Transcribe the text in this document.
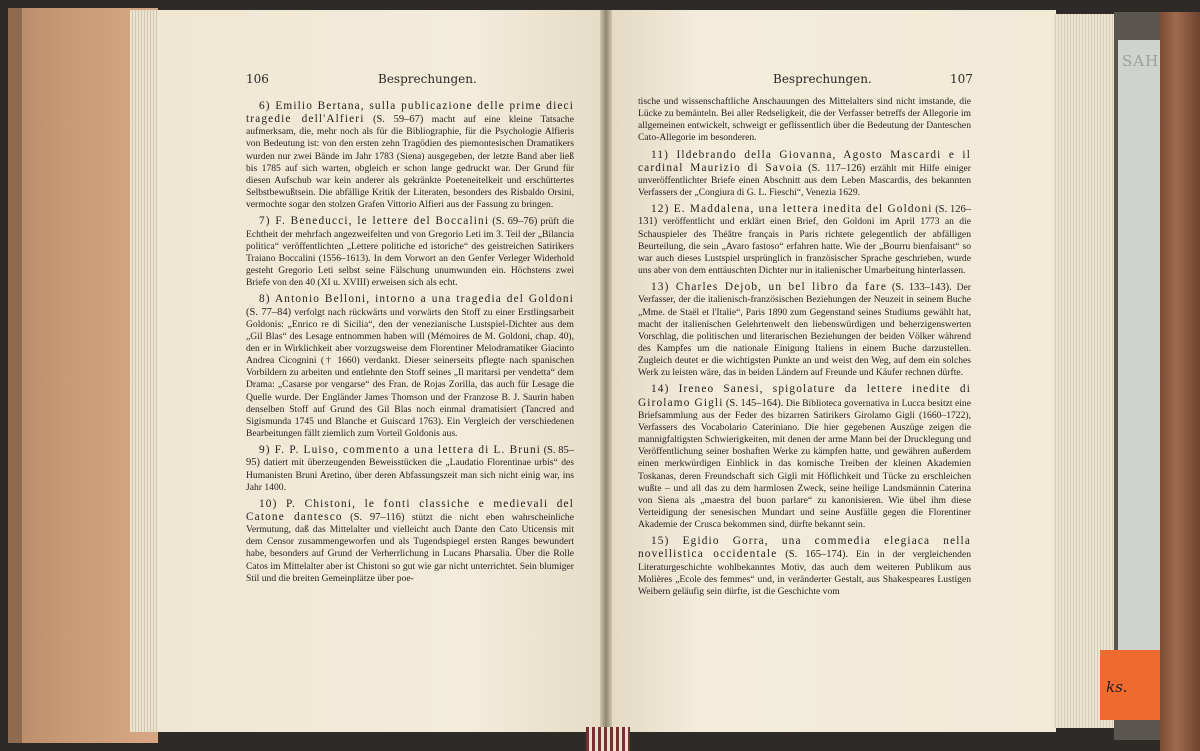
106	Besprechungen.

6) Emilio Bertana, sulla publicazione delle prime dieci tragedie dell'Alfieri (S. 59–67) macht auf eine kleine Tatsache aufmerksam, die, mehr noch als für die Bibliographie, für die Psychologie Alfieris von Bedeutung ist: von den ersten zehn Tragödien des piemontesischen Dramatikers wurden nur zwei Bände im Jahr 1783 (Siena) ausgegeben, der letzte Band aber ließ bis 1785 auf sich warten, obgleich er schon lange gedruckt war. Der Grund für diesen Aufschub war kein anderer als gekränkte Poeteneitelkeit und erschüttertes Selbstbewußtsein. Die abfällige Kritik der Literaten, besonders des Risbaldo Orsini, vermochte sogar den stolzen Grafen Vittorio Alfieri aus der Fassung zu bringen.

7) F. Beneducci, le lettere del Boccalini (S. 69–76) prüft die Echtheit der mehrfach angezweifelten und von Gregorio Leti im 3. Teil der „Bilancia politica“ veröffentlichten „Lettere politiche ed istoriche“ des geistreichen Satirikers Traiano Boccalini (1556–1613). In dem Vorwort an den Genfer Verleger Widerhold gesteht Gregorio Leti selbst seine Fälschung unumwunden ein. Höchstens zwei Briefe von den 40 (XI u. XVIII) erweisen sich als echt.

8) Antonio Belloni, intorno a una tragedia del Goldoni (S. 77–84) verfolgt nach rückwärts und vorwärts den Stoff zu einer Erstlingsarbeit Goldonis: „Enrico re di Sicilia“, den der venezianische Lustspiel-Dichter aus dem „Gil Blas“ des Lesage entnommen haben will (Mémoires de M. Goldoni, chap. 40), den er in Wirklichkeit aber vorzugsweise dem Florentiner Melodramatiker Giacinto Andrea Cicognini († 1660) verdankt. Dieser seinerseits pflegte nach spanischen Vorbildern zu arbeiten und entlehnte den Stoff seines „Il maritarsi per vendetta“ dem Drama: „Casarse por vengarse“ des Fran. de Rojas Zorilla, das auch für Lesage die Quelle wurde. Der Engländer James Thomson und der Franzose B. J. Saurin haben denselben Stoff auf Grund des Gil Blas noch einmal dramatisiert (Tancred and Sigismunda 1745 und Blanche et Guiscard 1763). Ein Vergleich der verschiedenen Bearbeitungen fällt ziemlich zum Vorteil Goldonis aus.

9) F. P. Luiso, commento a una lettera di L. Bruni (S. 85–95) datiert mit überzeugenden Beweisstücken die „Laudatio Florentinae urbis“ des Humanisten Bruni Aretino, über deren Abfassungszeit man sich nicht einig war, ins Jahr 1400.

10) P. Chistoni, le fonti classiche e medievali del Catone dantesco (S. 97–116) stützt die nicht eben wahrscheinliche Vermutung, daß das Mittelalter und vielleicht auch Dante den Cato Uticensis mit dem Censor zusammengeworfen und als Tugendspiegel ersten Ranges bewundert habe, besonders auf Grund der Verherrlichung in Lucans Pharsalia. Über die Rolle Catos im Mittelalter aber ist Chistoni so gut wie gar nicht unterrichtet. Sein blumiger Stil und die breiten Gemeinplätze über poe-

Besprechungen.	107

tische und wissenschaftliche Anschauungen des Mittelalters sind nicht imstande, die Lücke zu bemänteln. Bei aller Redseligkeit, die der Verfasser betreffs der Allegorie im allgemeinen entwickelt, schweigt er geflissentlich über die Bedeutung der Danteschen Cato-Allegorie im besonderen.

11) Ildebrando della Giovanna, Agosto Mascardi e il cardinal Maurizio di Savoia (S. 117–126) erzählt mit Hilfe einiger unveröffentlichter Briefe einen Abschnitt aus dem Leben Mascardis, des bekannten Verfassers der „Congiura di G. L. Fieschi“, Venezia 1629.

12) E. Maddalena, una lettera inedita del Goldoni (S. 126–131) veröffentlicht und erklärt einen Brief, den Goldoni im April 1773 an die Schauspieler des Théâtre français in Paris richtete gelegentlich der abfälligen Beurteilung, die sein „Avaro fastoso“ erfahren hatte. Wie der „Bourru bienfaisant“ so war auch dieses Lustspiel ursprünglich in französischer Sprache geschrieben, wurde uns aber von dem enttäuschten Dichter nur in italienischer Umarbeitung hinterlassen.

13) Charles Dejob, un bel libro da fare (S. 133–143). Der Verfasser, der die italienisch-französischen Beziehungen der Neuzeit in seinem Buche „Mme. de Staël et l'Italie“, Paris 1890 zum Gegenstand seines Studiums gewählt hat, macht der italienischen Gelehrtenwelt den liebenswürdigen und beherzigenswerten Vorschlag, die politischen und literarischen Beziehungen der beiden Völker während des Kampfes um die nationale Einigung Italiens in einem Buche darzustellen. Zugleich deutet er die wichtigsten Punkte an und weist den Weg, auf dem ein solches Werk zu leisten wäre, das in beiden Ländern auf Freunde und Käufer rechnen dürfte.

14) Ireneo Sanesi, spigolature da lettere inedite di Girolamo Gigli (S. 145–164). Die Biblioteca governativa in Lucca besitzt eine Briefsammlung aus der Feder des bizarren Satirikers Girolamo Gigli (1660–1722), Verfassers des Vocabolario Cateriniano. Die hier gegebenen Auszüge zeigen die mannigfaltigsten Schwierigkeiten, mit denen der arme Mann bei der Drucklegung und Veröffentlichung seiner boshaften Werke zu kämpfen hatte, und gewähren außerdem einen merkwürdigen Einblick in das komische Treiben der kleinen Akademien Toskanas, deren Freundschaft sich Gigli mit Höflichkeit und Tücke zu erschleichen wußte – und all das zu dem harmlosen Zweck, seine heilige Landsmännin Caterina von Siena als „maestra del buon parlare“ zu kanonisieren. Wie übel ihm diese Verteidigung der senesischen Mundart und seine Ausfälle gegen die Florentiner Akademie der Crusca bekommen sind, dürfte bekannt sein.

15) Egidio Gorra, una commedia elegiaca nella novellistica occidentale (S. 165–174). Ein in der vergleichenden Literaturgeschichte wohlbekanntes Motiv, das auch dem weiteren Publikum aus Molières „Ecole des femmes“ und, in veränderter Gestalt, aus Shakespeares Lustigen Weibern geläufig sein dürfte, ist die Geschichte vom

SAH
ks.
